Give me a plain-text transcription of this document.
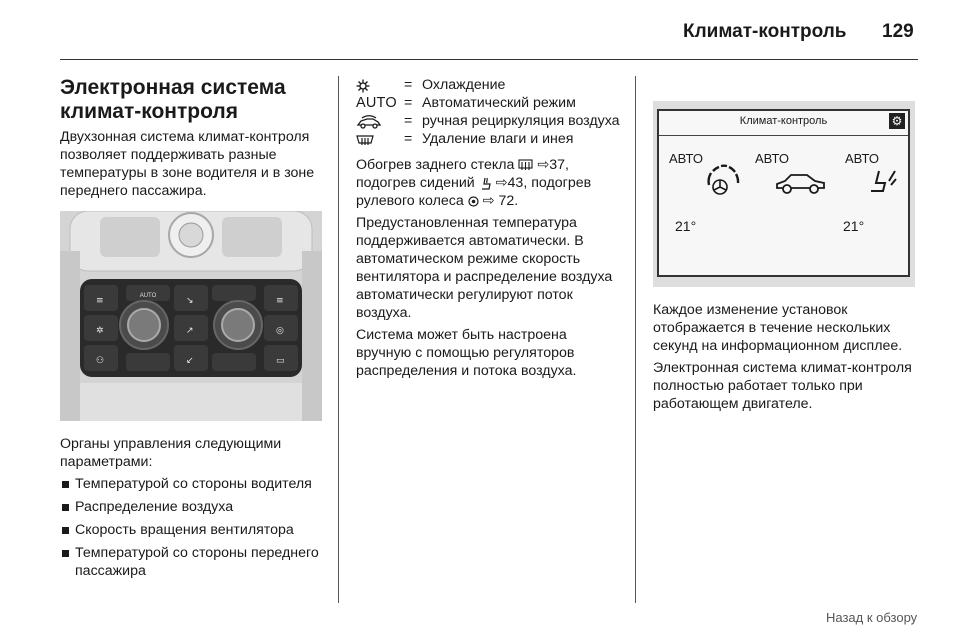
Климат-контроль 129
Электронная система климат-контроля

Двухзонная система климат-контроля позволяет поддерживать разные температуры в зоне водителя и в зоне переднего пассажира.

AUTO
≡
✲
⚇
≡
◎
▭
↘
↗
↙

Органы управления следующими параметрами:

Температурой со стороны водителя
Распределение воздуха
Скорость вращения вентилятора
Температурой со стороны переднего пассажира
= Охлаждение
AUTO = Автоматический режим
= ручная рециркуляция воздуха
= Удаление влаги и инея

Обогрев заднего стекла ⇨37, подогрев сидений ⇨43, подогрев рулевого колеса ⇨ 72.

Предустановленная температура поддерживается автоматически. В автоматическом режиме скорость вентилятора и распределение воздуха автоматически регулируют поток воздуха.

Система может быть настроена вручную с помощью регуляторов распределения и потока воздуха.

Климат-контроль	⚙
АВТО	АВТО	АВТО
21°	21°

Каждое изменение установок отображается в течение нескольких секунд на информационном дисплее.

Электронная система климат-контроля полностью работает только при работающем двигателе.

Назад к обзору
